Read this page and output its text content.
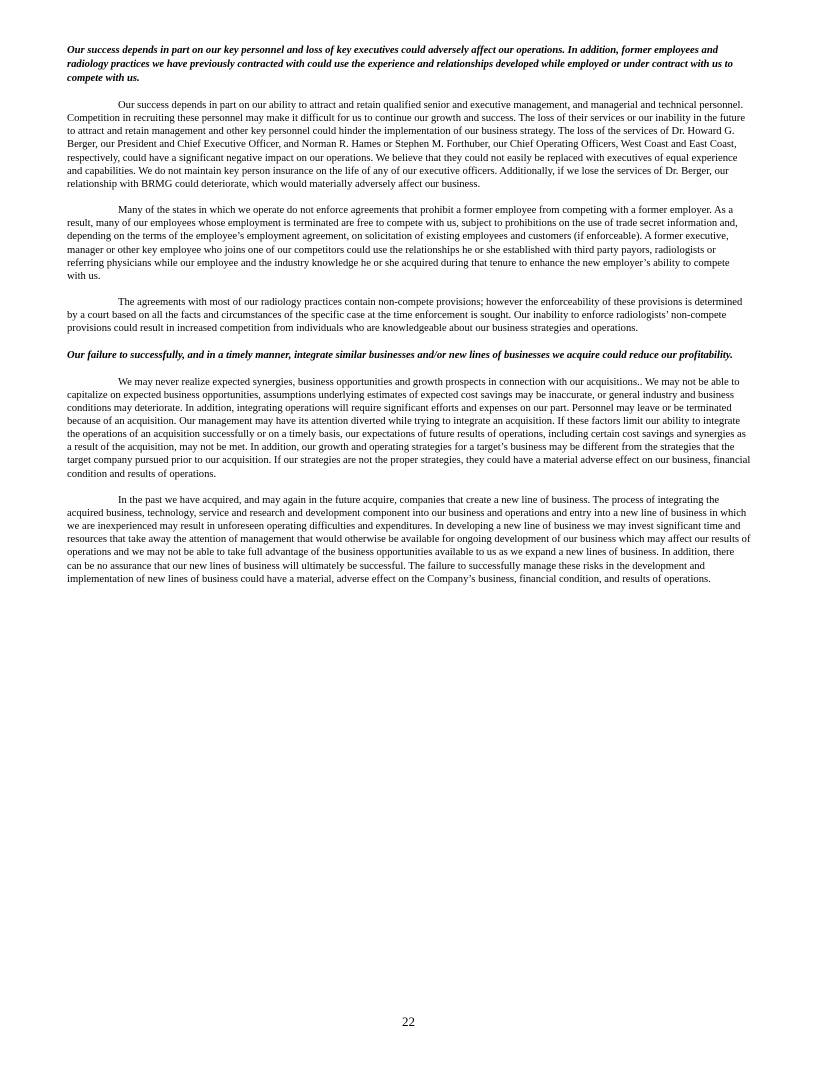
Our success depends in part on our key personnel and loss of key executives could adversely affect our operations. In addition, former employees and radiology practices we have previously contracted with could use the experience and relationships developed while employed or under contract with us to compete with us.

Our success depends in part on our ability to attract and retain qualified senior and executive management, and managerial and technical personnel. Competition in recruiting these personnel may make it difficult for us to continue our growth and success. The loss of their services or our inability in the future to attract and retain management and other key personnel could hinder the implementation of our business strategy. The loss of the services of Dr. Howard G. Berger, our President and Chief Executive Officer, and Norman R. Hames or Stephen M. Forthuber, our Chief Operating Officers, West Coast and East Coast, respectively, could have a significant negative impact on our operations. We believe that they could not easily be replaced with executives of equal experience and capabilities. We do not maintain key person insurance on the life of any of our executive officers. Additionally, if we lose the services of Dr. Berger, our relationship with BRMG could deteriorate, which would materially adversely affect our business.

Many of the states in which we operate do not enforce agreements that prohibit a former employee from competing with a former employer. As a result, many of our employees whose employment is terminated are free to compete with us, subject to prohibitions on the use of trade secret information and, depending on the terms of the employee’s employment agreement, on solicitation of existing employees and customers (if enforceable). A former executive, manager or other key employee who joins one of our competitors could use the relationships he or she established with third party payors, radiologists or referring physicians while our employee and the industry knowledge he or she acquired during that tenure to enhance the new employer’s ability to compete with us.

The agreements with most of our radiology practices contain non-compete provisions; however the enforceability of these provisions is determined by a court based on all the facts and circumstances of the specific case at the time enforcement is sought. Our inability to enforce radiologists’ non-compete provisions could result in increased competition from individuals who are knowledgeable about our business strategies and operations.

Our failure to successfully, and in a timely manner, integrate similar businesses and/or new lines of businesses we acquire could reduce our profitability.

We may never realize expected synergies, business opportunities and growth prospects in connection with our acquisitions.. We may not be able to capitalize on expected business opportunities, assumptions underlying estimates of expected cost savings may be inaccurate, or general industry and business conditions may deteriorate. In addition, integrating operations will require significant efforts and expenses on our part. Personnel may leave or be terminated because of an acquisition. Our management may have its attention diverted while trying to integrate an acquisition. If these factors limit our ability to integrate the operations of an acquisition successfully or on a timely basis, our expectations of future results of operations, including certain cost savings and synergies as a result of the acquisition, may not be met. In addition, our growth and operating strategies for a target’s business may be different from the strategies that the target company pursued prior to our acquisition. If our strategies are not the proper strategies, they could have a material adverse effect on our business, financial condition and results of operations.

In the past we have acquired, and may again in the future acquire, companies that create a new line of business. The process of integrating the acquired business, technology, service and research and development component into our business and operations and entry into a new line of business in which we are inexperienced may result in unforeseen operating difficulties and expenditures. In developing a new line of business we may invest significant time and resources that take away the attention of management that would otherwise be available for ongoing development of our business which may affect our results of operations and we may not be able to take full advantage of the business opportunities available to us as we expand a new lines of business. In addition, there can be no assurance that our new lines of business will ultimately be successful. The failure to successfully manage these risks in the development and implementation of new lines of business could have a material, adverse effect on the Company’s business, financial condition, and results of operations.

22
